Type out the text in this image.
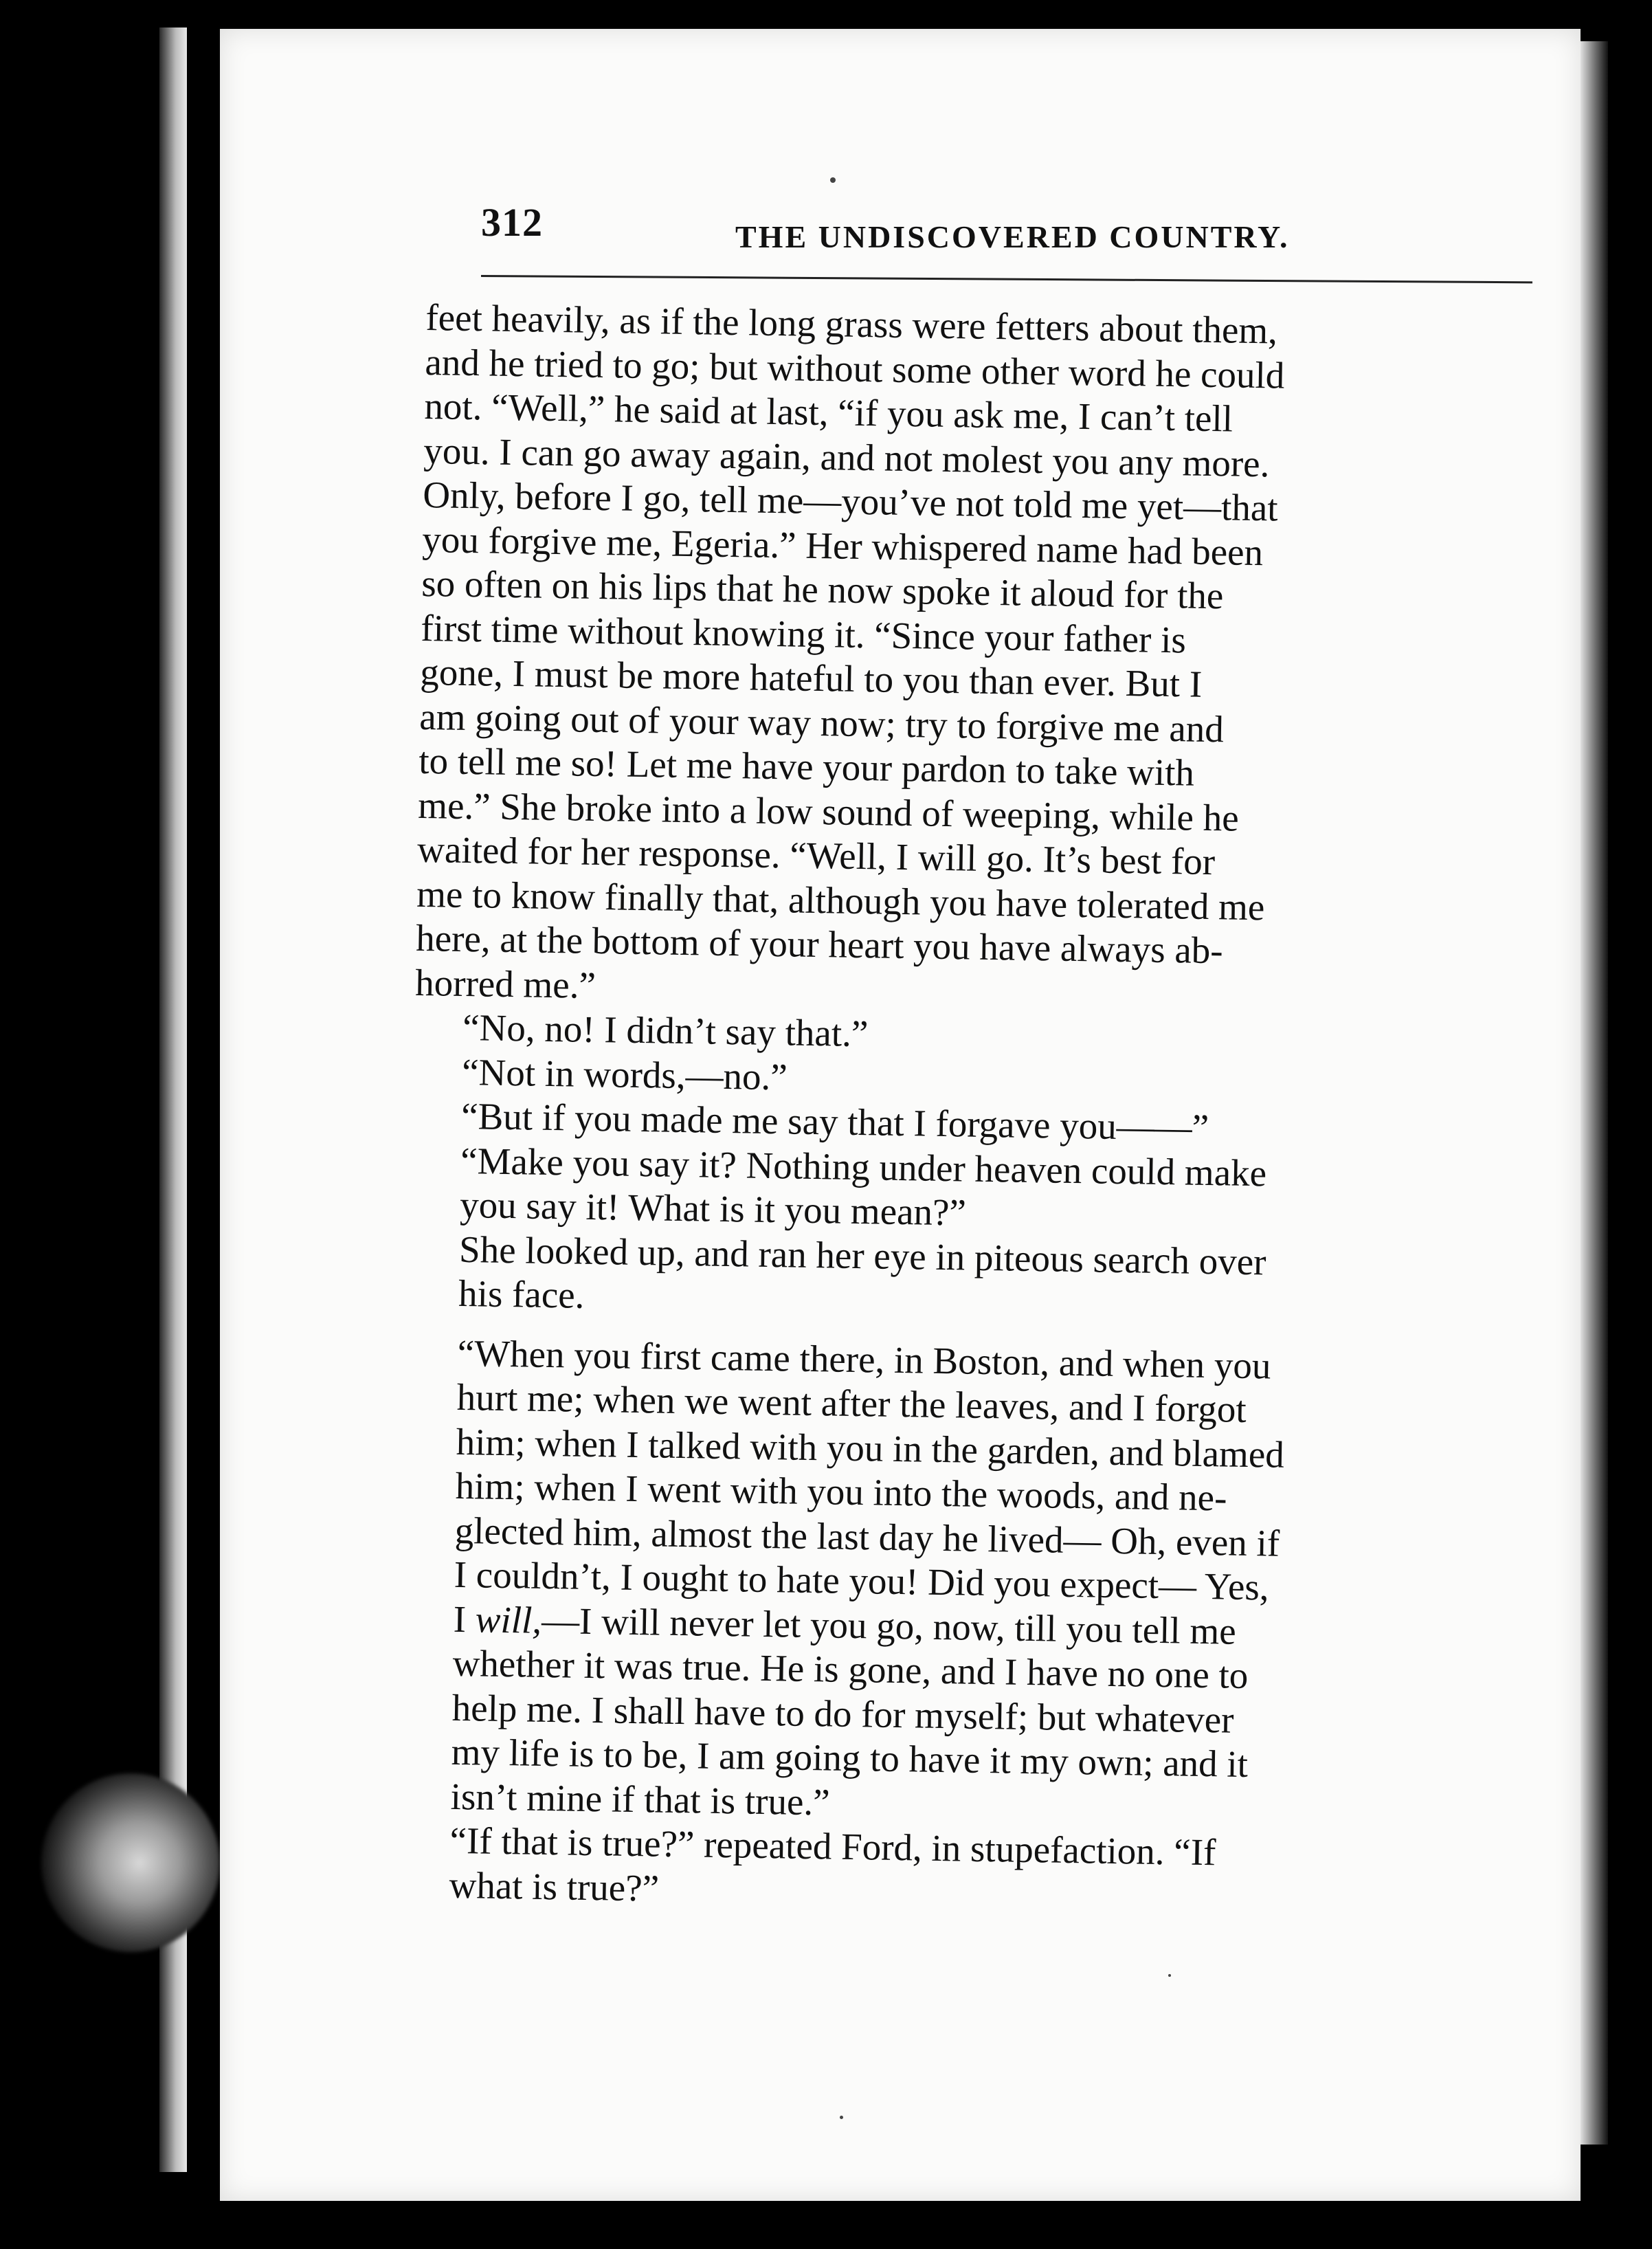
312	THE UNDISCOVERED COUNTRY.

feet heavily, as if the long grass were fetters about them,
and he tried to go; but without some other word he could
not. “Well,” he said at last, “if you ask me, I can’t tell
you. I can go away again, and not molest you any more.
Only, before I go, tell me—you’ve not told me yet—that
you forgive me, Egeria.” Her whispered name had been
so often on his lips that he now spoke it aloud for the
first time without knowing it. “Since your father is
gone, I must be more hateful to you than ever. But I
am going out of your way now; try to forgive me and
to tell me so! Let me have your pardon to take with
me.” She broke into a low sound of weeping, while he
waited for her response. “Well, I will go. It’s best for
me to know finally that, although you have tolerated me
here, at the bottom of your heart you have always ab-
horred me.”

“No, no! I didn’t say that.”

“Not in words,—no.”

“But if you made me say that I forgave you——”

“Make you say it? Nothing under heaven could make
you say it! What is it you mean?”

She looked up, and ran her eye in piteous search over
his face.

“When you first came there, in Boston, and when you
hurt me; when we went after the leaves, and I forgot
him; when I talked with you in the garden, and blamed
him; when I went with you into the woods, and ne-
glected him, almost the last day he lived— Oh, even if
I couldn’t, I ought to hate you! Did you expect— Yes,
I will,—I will never let you go, now, till you tell me
whether it was true. He is gone, and I have no one to
help me. I shall have to do for myself; but whatever
my life is to be, I am going to have it my own; and it
isn’t mine if that is true.”

“If that is true?” repeated Ford, in stupefaction. “If
what is true?”
